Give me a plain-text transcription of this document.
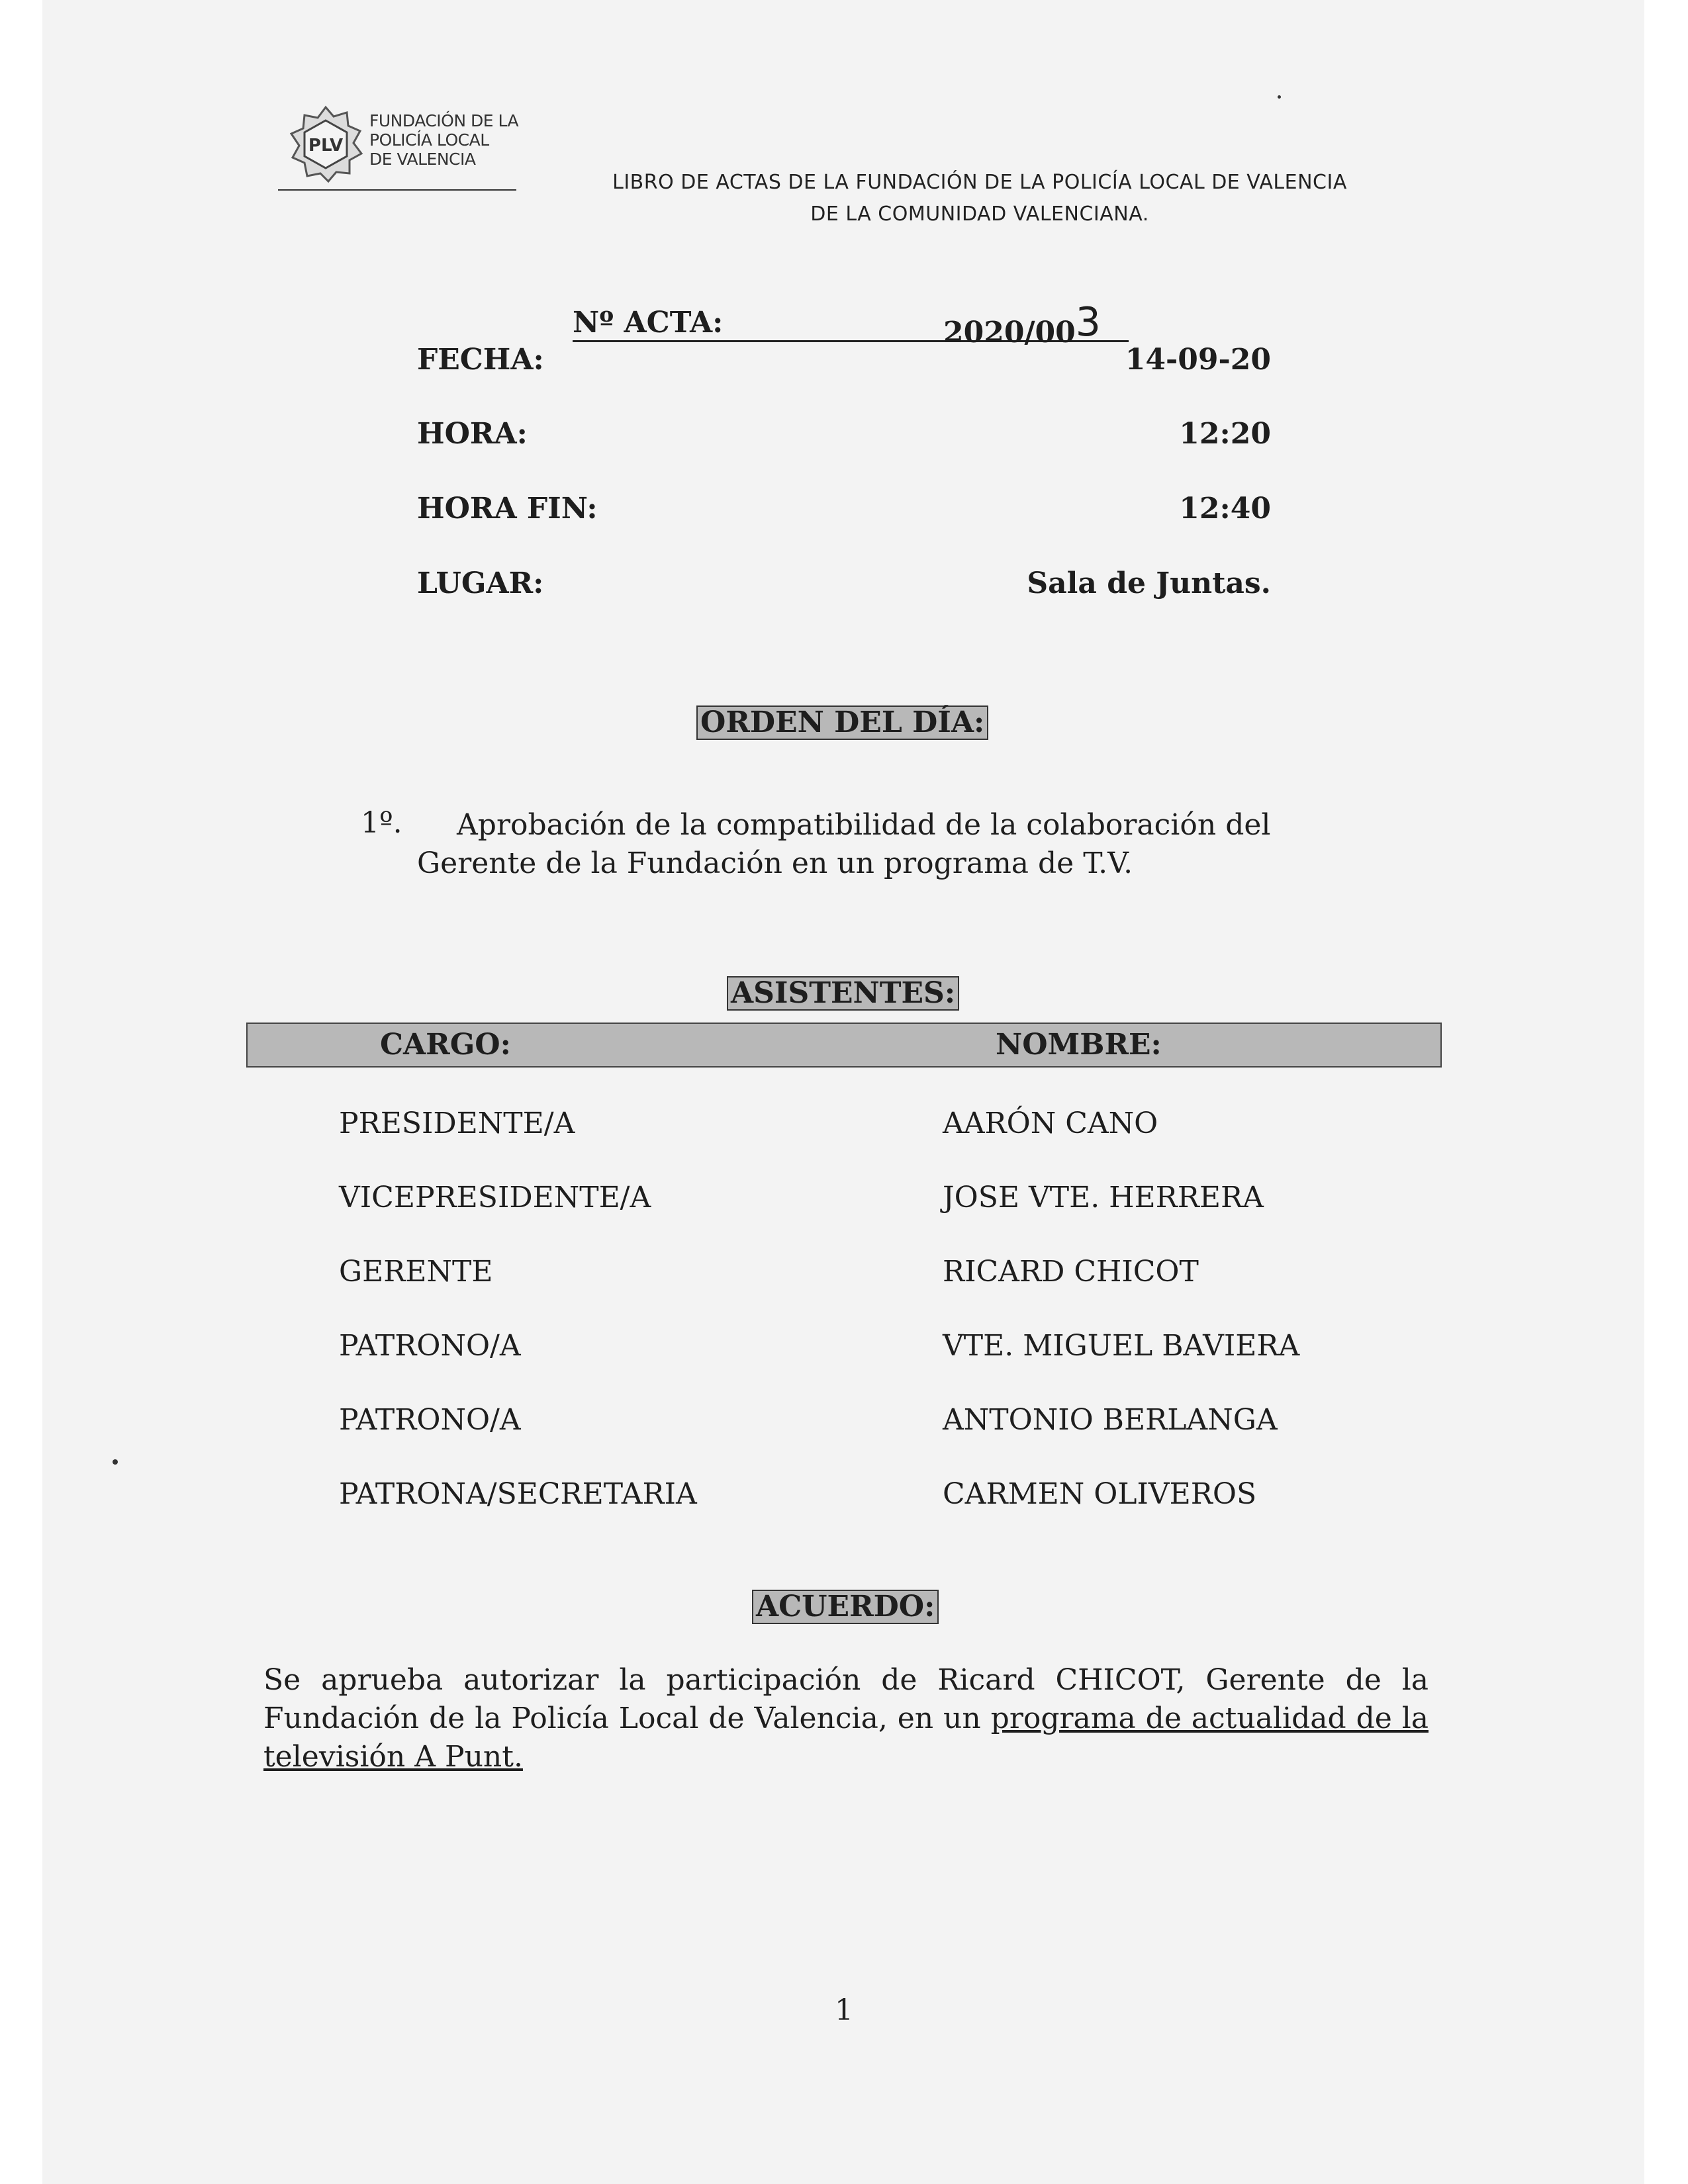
PLV
FUNDACIÓN DE LA
POLICÍA LOCAL
DE VALENCIA
LIBRO DE ACTAS DE LA FUNDACIÓN DE LA POLICÍA LOCAL DE VALENCIA
DE LA COMUNIDAD VALENCIANA.
Nº ACTA:	2020/003
FECHA:	14-09-20
HORA:	12:20
HORA FIN:	12:40
LUGAR:	Sala de Juntas.
ORDEN DEL DÍA:
1º.	Aprobación de la compatibilidad de la colaboración del
Gerente de la Fundación en un programa de T.V.
ASISTENTES:
CARGO:	NOMBRE:
PRESIDENTE/A	AARÓN CANO
VICEPRESIDENTE/A	JOSE VTE. HERRERA
GERENTE	RICARD CHICOT
PATRONO/A	VTE. MIGUEL BAVIERA
PATRONO/A	ANTONIO BERLANGA
PATRONA/SECRETARIA	CARMEN OLIVEROS
ACUERDO:
Se aprueba autorizar la participación de Ricard CHICOT, Gerente de la Fundación de la Policía Local de Valencia, en un programa de actualidad de la televisión A Punt.
1
